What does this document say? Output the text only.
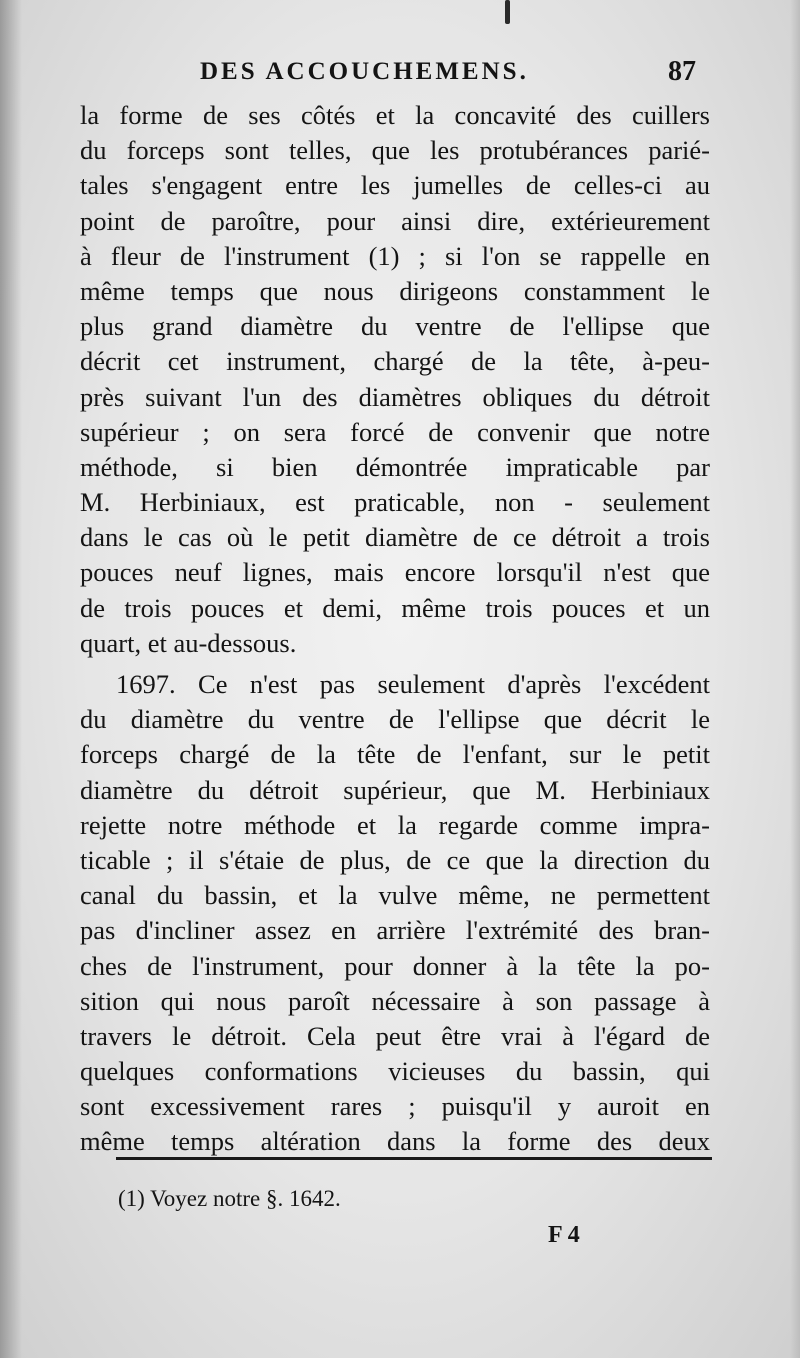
DES ACCOUCHEMENS.	87
la forme de ses côtés et la concavité des cuillers
du forceps sont telles, que les protubérances parié-
tales s'engagent entre les jumelles de celles-ci au
point de paroître, pour ainsi dire, extérieurement
à fleur de l'instrument (1) ; si l'on se rappelle en
même temps que nous dirigeons constamment le
plus grand diamètre du ventre de l'ellipse que
décrit cet instrument, chargé de la tête, à-peu-
près suivant l'un des diamètres obliques du détroit
supérieur ; on sera forcé de convenir que notre
méthode, si bien démontrée impraticable par
M. Herbiniaux, est praticable, non - seulement
dans le cas où le petit diamètre de ce détroit a trois
pouces neuf lignes, mais encore lorsqu'il n'est que
de trois pouces et demi, même trois pouces et un
quart, et au-dessous.
1697. Ce n'est pas seulement d'après l'excédent
du diamètre du ventre de l'ellipse que décrit le
forceps chargé de la tête de l'enfant, sur le petit
diamètre du détroit supérieur, que M. Herbiniaux
rejette notre méthode et la regarde comme impra-
ticable ; il s'étaie de plus, de ce que la direction du
canal du bassin, et la vulve même, ne permettent
pas d'incliner assez en arrière l'extrémité des bran-
ches de l'instrument, pour donner à la tête la po-
sition qui nous paroît nécessaire à son passage à
travers le détroit. Cela peut être vrai à l'égard de
quelques conformations vicieuses du bassin, qui
sont excessivement rares ; puisqu'il y auroit en
même temps altération dans la forme des deux
(1) Voyez notre §. 1642.
F 4
